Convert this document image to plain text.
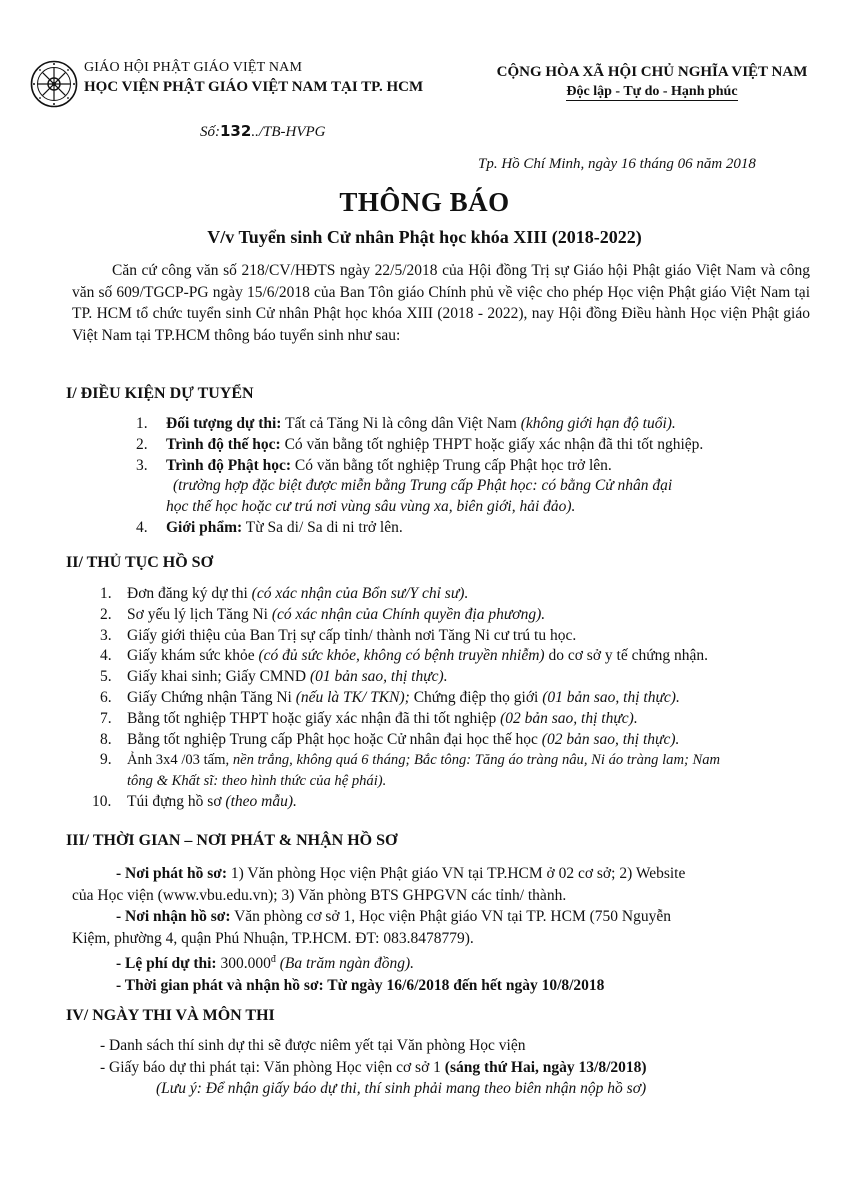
GIÁO HỘI PHẬT GIÁO VIỆT NAM
HỌC VIỆN PHẬT GIÁO VIỆT NAM TẠI TP. HCM
CỘNG HÒA XÃ HỘI CHỦ NGHĨA VIỆT NAM
Độc lập - Tự do - Hạnh phúc
Số:132../TB-HVPG
Tp. Hồ Chí Minh, ngày 16 tháng 06 năm 2018
THÔNG BÁO
V/v Tuyển sinh Cử nhân Phật học khóa XIII (2018-2022)

Căn cứ công văn số 218/CV/HĐTS ngày 22/5/2018 của Hội đồng Trị sự Giáo hội Phật giáo Việt Nam và công văn số 609/TGCP-PG ngày 15/6/2018 của Ban Tôn giáo Chính phủ về việc cho phép Học viện Phật giáo Việt Nam tại TP. HCM tổ chức tuyển sinh Cử nhân Phật học khóa XIII (2018 - 2022), nay Hội đồng Điều hành Học viện Phật giáo Việt Nam tại TP.HCM thông báo tuyển sinh như sau:

I/ ĐIỀU KIỆN DỰ TUYỂN
1.	Đối tượng dự thi: Tất cả Tăng Ni là công dân Việt Nam (không giới hạn độ tuổi).
2.	Trình độ thế học: Có văn bằng tốt nghiệp THPT hoặc giấy xác nhận đã thi tốt nghiệp.
3.	Trình độ Phật học: Có văn bằng tốt nghiệp Trung cấp Phật học trở lên.
(trường hợp đặc biệt được miễn bằng Trung cấp Phật học: có bằng Cử nhân đại
học thế học hoặc cư trú nơi vùng sâu vùng xa, biên giới, hải đảo).
4.	Giới phẩm: Từ Sa di/ Sa di ni trở lên.
II/ THỦ TỤC HỒ SƠ
1. Đơn đăng ký dự thi (có xác nhận của Bổn sư/Y chỉ sư).
2. Sơ yếu lý lịch Tăng Ni (có xác nhận của Chính quyền địa phương).
3. Giấy giới thiệu của Ban Trị sự cấp tỉnh/ thành nơi Tăng Ni cư trú tu học.
4. Giấy khám sức khỏe (có đủ sức khỏe, không có bệnh truyền nhiễm) do cơ sở y tế chứng nhận.
5. Giấy khai sinh; Giấy CMND (01 bản sao, thị thực).
6. Giấy Chứng nhận Tăng Ni (nếu là TK/ TKN); Chứng điệp thọ giới (01 bản sao, thị thực).
7. Bằng tốt nghiệp THPT hoặc giấy xác nhận đã thi tốt nghiệp (02 bản sao, thị thực).
8. Bằng tốt nghiệp Trung cấp Phật học hoặc Cử nhân đại học thế học (02 bản sao, thị thực).
9.	Ảnh 3x4 /03 tấm, nền trắng, không quá 6 tháng; Bắc tông: Tăng áo tràng nâu, Ni áo tràng lam; Nam
tông & Khất sĩ: theo hình thức của hệ phái).
10.	Túi đựng hồ sơ (theo mẫu).
III/ THỜI GIAN – NƠI PHÁT & NHẬN HỒ SƠ
- Nơi phát hồ sơ: 1) Văn phòng Học viện Phật giáo VN tại TP.HCM ở 02 cơ sở; 2) Website
của Học viện (www.vbu.edu.vn); 3) Văn phòng BTS GHPGVN các tỉnh/ thành.
- Nơi nhận hồ sơ: Văn phòng cơ sở 1, Học viện Phật giáo VN tại TP. HCM (750 Nguyễn
Kiệm, phường 4, quận Phú Nhuận, TP.HCM. ĐT: 083.8478779).
- Lệ phí dự thi: $300.000^đ$ (Ba trăm ngàn đồng).
- Thời gian phát và nhận hồ sơ: Từ ngày 16/6/2018 đến hết ngày 10/8/2018
IV/ NGÀY THI VÀ MÔN THI
- Danh sách thí sinh dự thi sẽ được niêm yết tại Văn phòng Học viện
- Giấy báo dự thi phát tại: Văn phòng Học viện cơ sở 1 (sáng thứ Hai, ngày 13/8/2018)
(Lưu ý: Để nhận giấy báo dự thi, thí sinh phải mang theo biên nhận nộp hồ sơ)
